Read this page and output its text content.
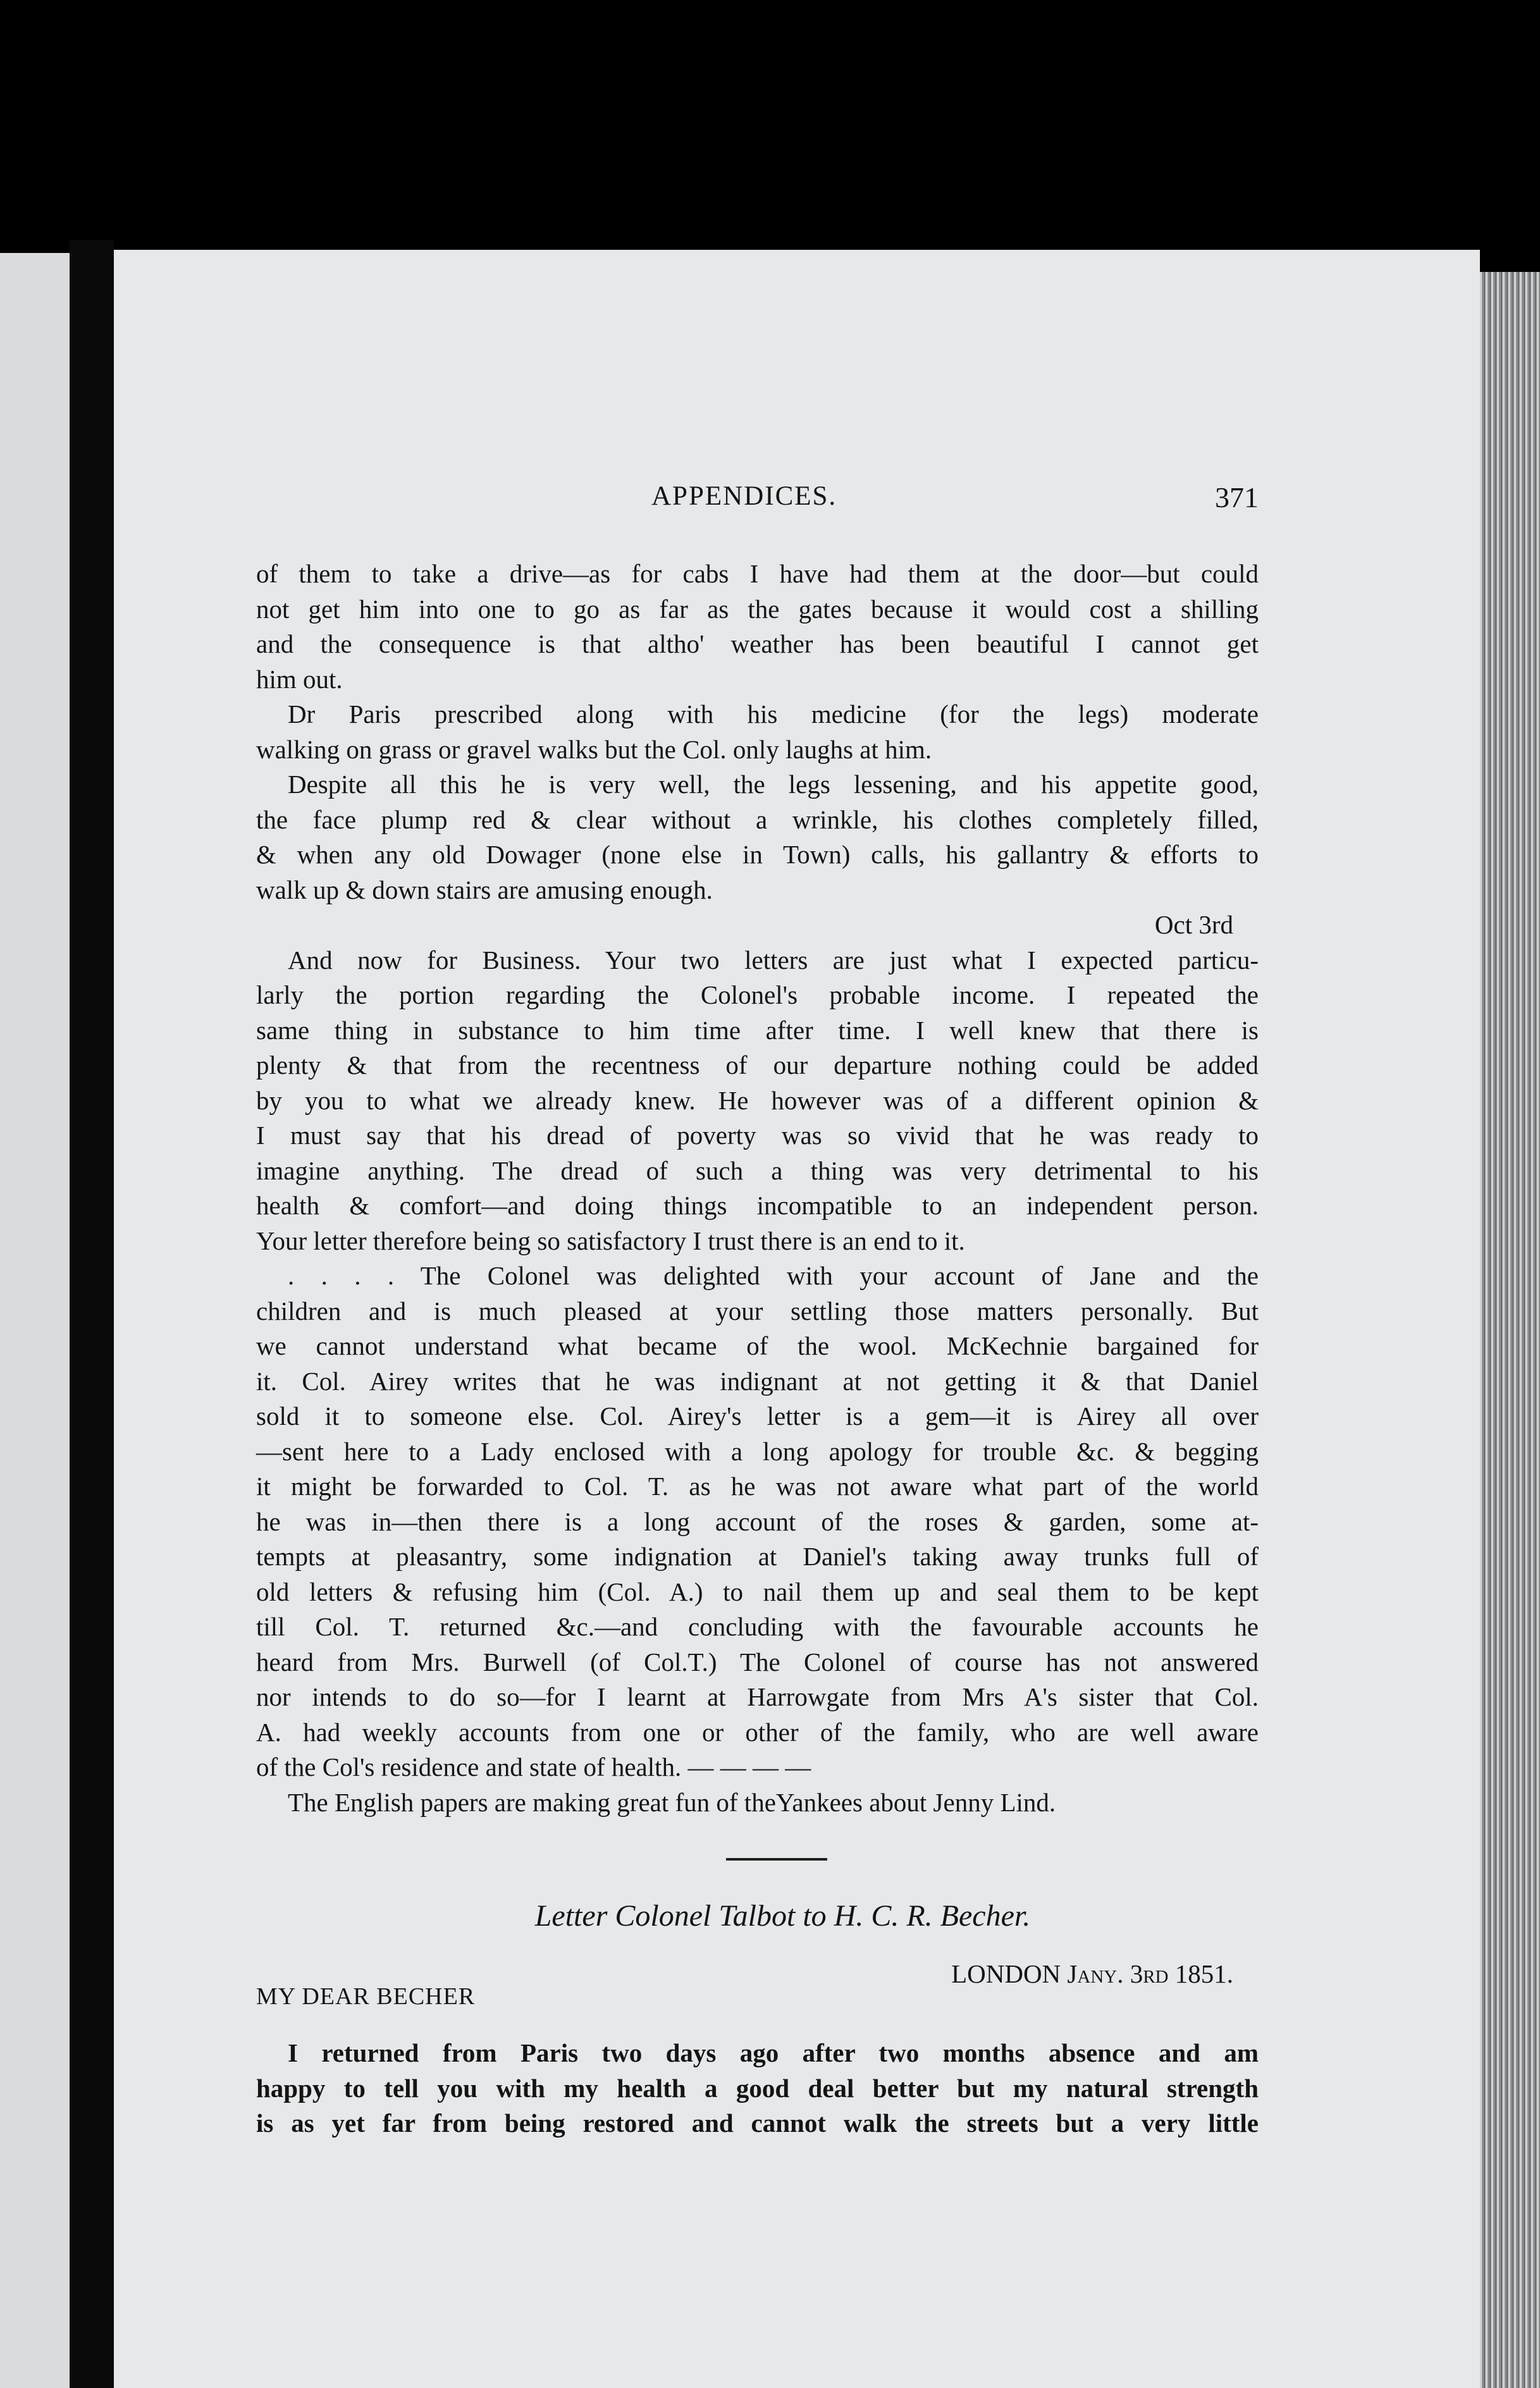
APPENDICES.	371
of them to take a drive—as for cabs I have had them at the door—but could
not get him into one to go as far as the gates because it would cost a shilling
and the consequence is that altho' weather has been beautiful I cannot get
him out.
Dr Paris prescribed along with his medicine (for the legs) moderate
walking on grass or gravel walks but the Col. only laughs at him.
Despite all this he is very well, the legs lessening, and his appetite good,
the face plump red & clear without a wrinkle, his clothes completely filled,
& when any old Dowager (none else in Town) calls, his gallantry & efforts to
walk up & down stairs are amusing enough.

Oct 3rd

And now for Business. Your two letters are just what I expected particu-
larly the portion regarding the Colonel's probable income. I repeated the
same thing in substance to him time after time. I well knew that there is
plenty & that from the recentness of our departure nothing could be added
by you to what we already knew. He however was of a different opinion &
I must say that his dread of poverty was so vivid that he was ready to
imagine anything. The dread of such a thing was very detrimental to his
health & comfort—and doing things incompatible to an independent person.
Your letter therefore being so satisfactory I trust there is an end to it.
. . . . The Colonel was delighted with your account of Jane and the
children and is much pleased at your settling those matters personally. But
we cannot understand what became of the wool. McKechnie bargained for
it. Col. Airey writes that he was indignant at not getting it & that Daniel
sold it to someone else. Col. Airey's letter is a gem—it is Airey all over
—sent here to a Lady enclosed with a long apology for trouble &c. & begging
it might be forwarded to Col. T. as he was not aware what part of the world
he was in—then there is a long account of the roses & garden, some at-
tempts at pleasantry, some indignation at Daniel's taking away trunks full of
old letters & refusing him (Col. A.) to nail them up and seal them to be kept
till Col. T. returned &c.—and concluding with the favourable accounts he
heard from Mrs. Burwell (of Col.T.) The Colonel of course has not answered
nor intends to do so—for I learnt at Harrowgate from Mrs A's sister that Col.
A. had weekly accounts from one or other of the family, who are well aware
of the Col's residence and state of health. — — — —
The English papers are making great fun of theYankees about Jenny Lind.

Letter Colonel Talbot to H. C. R. Becher.

LONDON Jany. 3rd 1851.

MY DEAR BECHER

I returned from Paris two days ago after two months absence and am
happy to tell you with my health a good deal better but my natural strength
is as yet far from being restored and cannot walk the streets but a very little
